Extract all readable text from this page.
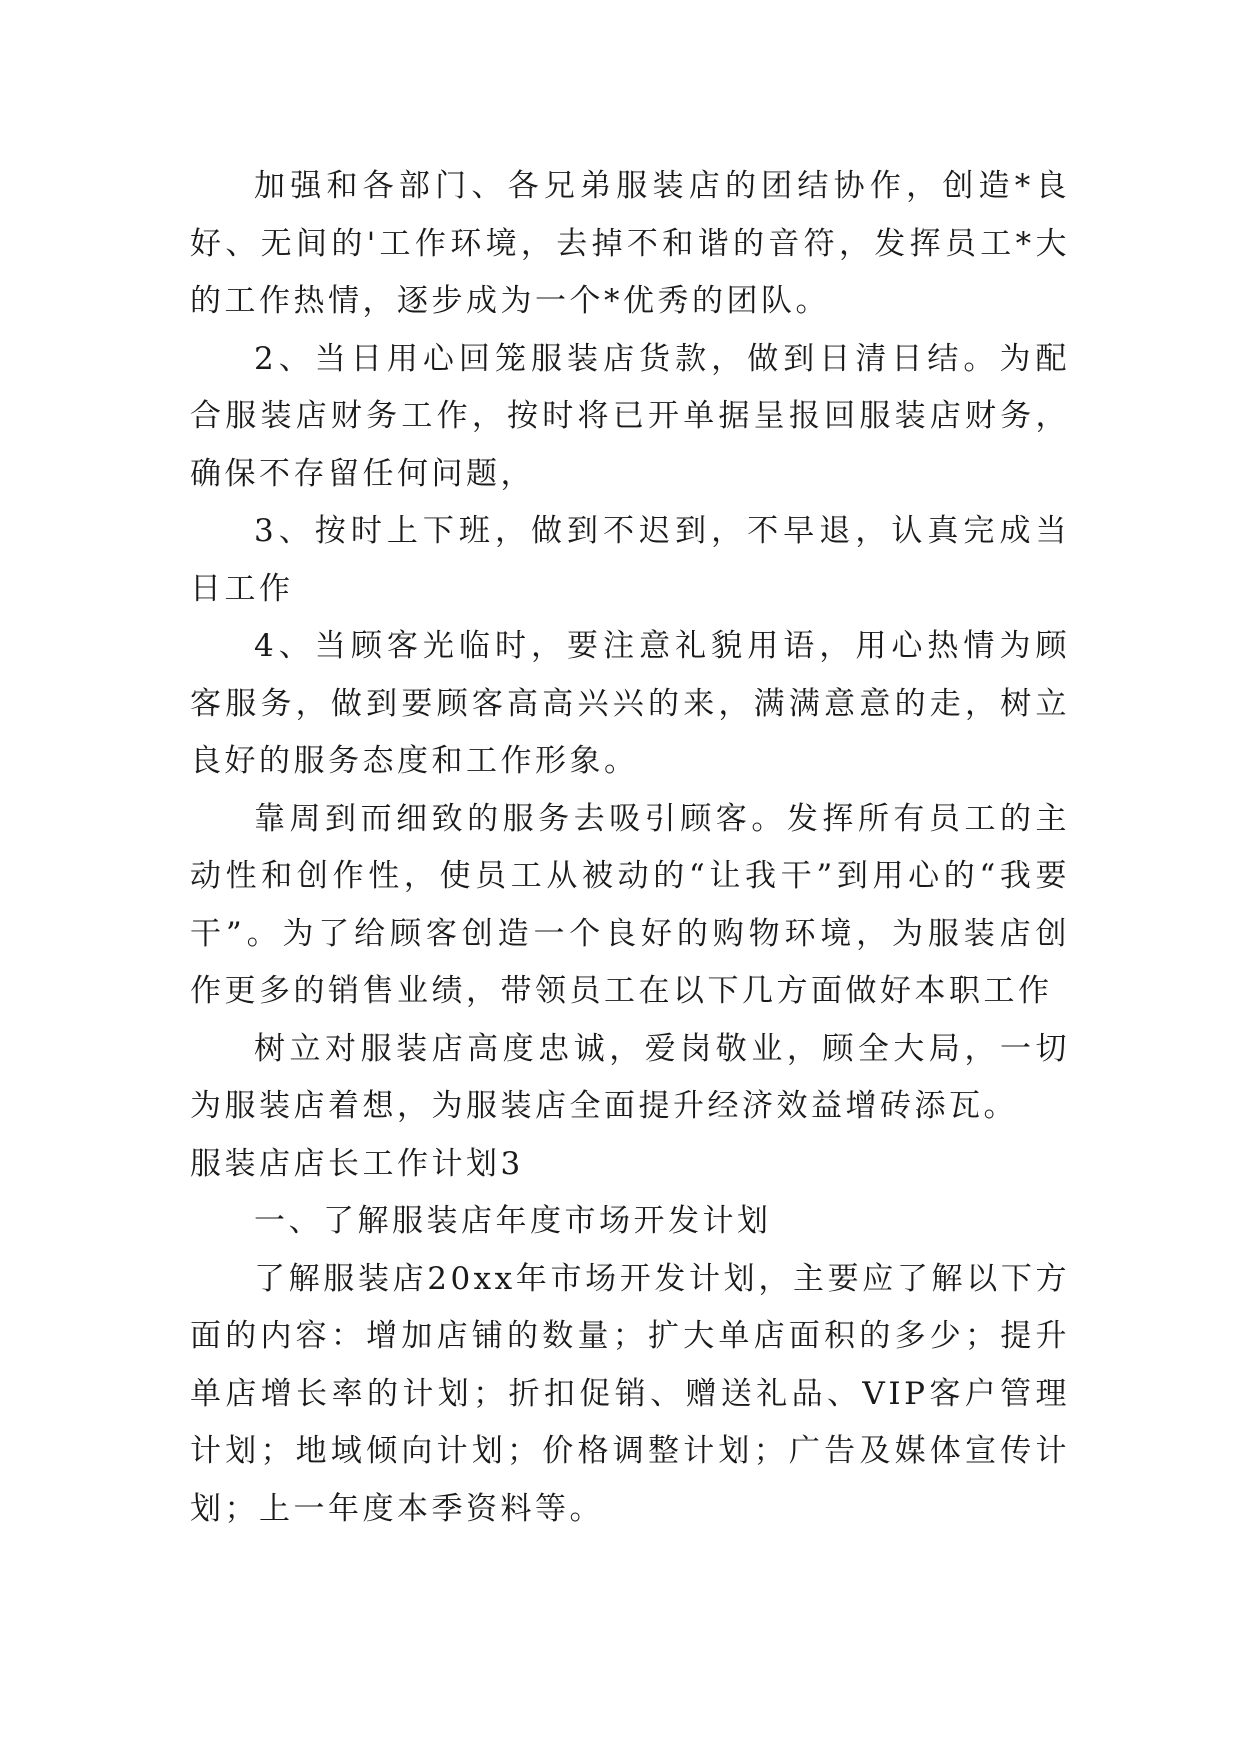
加强和各部门、各兄弟服装店的团结协作，创造*良好、无间的'工作环境，去掉不和谐的音符，发挥员工*大的工作热情，逐步成为一个*优秀的团队。

2、当日用心回笼服装店货款，做到日清日结。为配合服装店财务工作，按时将已开单据呈报回服装店财务，确保不存留任何问题，

3、按时上下班，做到不迟到，不早退，认真完成当日工作

4、当顾客光临时，要注意礼貌用语，用心热情为顾客服务，做到要顾客高高兴兴的来，满满意意的走，树立良好的服务态度和工作形象。

靠周到而细致的服务去吸引顾客。发挥所有员工的主动性和创作性，使员工从被动的“让我干”到用心的“我要干”。为了给顾客创造一个良好的购物环境，为服装店创作更多的销售业绩，带领员工在以下几方面做好本职工作

树立对服装店高度忠诚，爱岗敬业，顾全大局，一切为服装店着想，为服装店全面提升经济效益增砖添瓦。

服装店店长工作计划3

一、了解服装店年度市场开发计划

了解服装店20xx年市场开发计划，主要应了解以下方面的内容：增加店铺的数量；扩大单店面积的多少；提升单店增长率的计划；折扣促销、赠送礼品、VIP客户管理计划；地域倾向计划；价格调整计划；广告及媒体宣传计划；上一年度本季资料等。
